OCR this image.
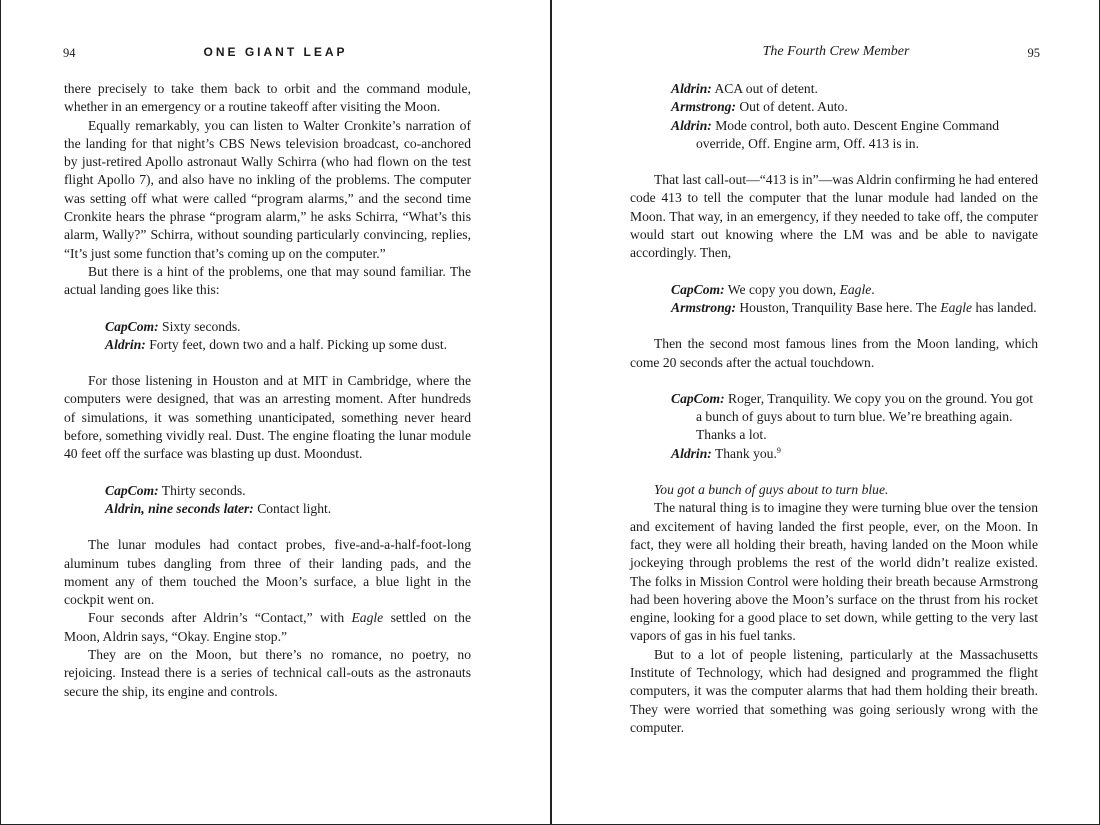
94	ONE GIANT LEAP

there precisely to take them back to orbit and the command module, whether in an emergency or a routine takeoff after visiting the Moon.

Equally remarkably, you can listen to Walter Cronkite’s narration of the landing for that night’s CBS News television broadcast, co-anchored by just-retired Apollo astronaut Wally Schirra (who had flown on the test flight Apollo 7), and also have no inkling of the problems. The computer was setting off what were called “program alarms,” and the second time Cronkite hears the phrase “program alarm,” he asks Schirra, “What’s this alarm, Wally?” Schirra, without sounding particularly convincing, replies, “It’s just some function that’s coming up on the computer.”

But there is a hint of the problems, one that may sound familiar. The actual landing goes like this:

CapCom: Sixty seconds.
Aldrin: Forty feet, down two and a half. Picking up some dust.

For those listening in Houston and at MIT in Cambridge, where the computers were designed, that was an arresting moment. After hundreds of simulations, it was something unanticipated, something never heard before, something vividly real. Dust. The engine floating the lunar module 40 feet off the surface was blasting up dust. Moondust.

CapCom: Thirty seconds.
Aldrin, nine seconds later: Contact light.

The lunar modules had contact probes, five-and-a-half-foot-long aluminum tubes dangling from three of their landing pads, and the moment any of them touched the Moon’s surface, a blue light in the cockpit went on.

Four seconds after Aldrin’s “Contact,” with Eagle settled on the Moon, Aldrin says, “Okay. Engine stop.”

They are on the Moon, but there’s no romance, no poetry, no rejoicing. Instead there is a series of technical call-outs as the astronauts secure the ship, its engine and controls.

The Fourth Crew Member	95
Aldrin: ACA out of detent.
Armstrong: Out of detent. Auto.
Aldrin: Mode control, both auto. Descent Engine Command override, Off. Engine arm, Off. 413 is in.

That last call-out—“413 is in”—was Aldrin confirming he had entered code 413 to tell the computer that the lunar module had landed on the Moon. That way, in an emergency, if they needed to take off, the computer would start out knowing where the LM was and be able to navigate accordingly. Then,

CapCom: We copy you down, Eagle.
Armstrong: Houston, Tranquility Base here. The Eagle has landed.

Then the second most famous lines from the Moon landing, which come 20 seconds after the actual touchdown.

CapCom: Roger, Tranquility. We copy you on the ground. You got a bunch of guys about to turn blue. We’re breathing again. Thanks a lot.
Aldrin: Thank you.$^9$

You got a bunch of guys about to turn blue.

The natural thing is to imagine they were turning blue over the tension and excitement of having landed the first people, ever, on the Moon. In fact, they were all holding their breath, having landed on the Moon while jockeying through problems the rest of the world didn’t realize existed. The folks in Mission Control were holding their breath because Armstrong had been hovering above the Moon’s surface on the thrust from his rocket engine, looking for a good place to set down, while getting to the very last vapors of gas in his fuel tanks.

But to a lot of people listening, particularly at the Massachusetts Institute of Technology, which had designed and programmed the flight computers, it was the computer alarms that had them holding their breath. They were worried that something was going seriously wrong with the computer.
